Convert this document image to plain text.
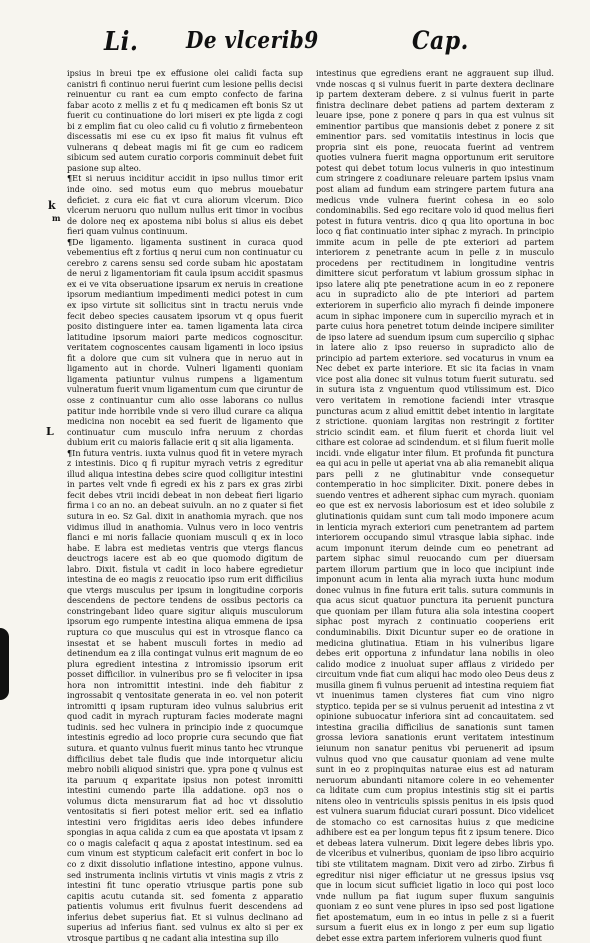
Li. De vlcerib9	Cap.
k
m
L

ipsius in breui tpe ex effusione olei calidi facta sup canistri fi continuo nerui fuerint cum lesione pellis decisi reinuentur cu rant ea cum empto confecto de farina fabar acoto z mellis z et fu q medicamen eft bonis Sz ut fuerit cu continuatione do lori miseri ex pte ligda z cogi bi z emplim fiat cu oleo calid cu fi volutio z firmebenteon discessatis mi ese cu ex ipso fit maius fit vulnus eft vulnerans q debeat magis mi fit ge cum eo radicem sibicum sed autem curatio corporis comminuit debet fuit pasione sup alteo.

¶ Et si neruus inciditur accidit in ipso nullus timor erit inde oino. sed motus eum quo mebrus mouebatur deficiet. z cura eic fiat vt cura aliorum vlcerum. Dico vlcerum neruoru quo nullum nullus erit timor in vocibus de dolore neq ex apostema nibi bolus si alius eis debet fieri quam vulnus continuum.

¶ De ligamento. ligamenta sustinent in curaca quod vebementius eft z fortius q nerui cum non continuatur cu cerebro z carens sensu sed corde subam hic apostatam de nerui z ligamentoriam fit caula ipsum accidit spasmus ex ei ve vita obseruatione ipsarum ex neruis in creatione ipsorum mediantium impedimenti medici potest in cum ex ipso virtute sit sollicitus sint in tractu neruis vnde fecit debeo species causatem ipsorum vt q opus fuerit posito distinguere inter ea. tamen ligamenta lata circa latitudine ipsorum maiori parte medicos cognoscitur. veritatem cognoscentes causam ligamenti in loco ipsius fit a dolore que cum sit vulnera que in neruo aut in ligamento aut in chorde. Vulneri ligamenti quoniam ligamenta patiuntur vulnus rumpens a ligamentum vulneratum fuerit vnum ligamentum cum que ciruntur de osse z continuantur cum alio osse laborans co nullus patitur inde horribile vnde si vero illud curare ca aliqua medicina non nocebit ea sed fuerit de ligamento que continuatur cum musculo infra neruum z chordas dubium erit cu maioris fallacie erit q sit alia ligamenta.

¶ In futura ventris. iuxta vulnus quod fit in vetere myrach z intestinis. Dico q fi rupitur myrach vetris z egreditur illud aliqua intestina debes scire quod colligitur intestini in partes velt vnde fi egredi ex his z pars ex gras zirbi fecit debes vtrii incidi debeat in non debeat fieri ligario firma i co an no. an debeat suivuln. an no z quater si fiet sutura in eo. Sz Gal. dixit in anathomia myrach. que nos vidimus illud in anathomia. Vulnus vero in loco ventris flanci e mi noris fallacie quoniam musculi q ex in loco habe. E labra est medietas ventris que vtergs flancus deuctrogs iacere est ab eo que quomodo digitum de labro. Dixit. fistula vt cadit in loco habere egredietur intestina de eo magis z reuocatio ipso rum erit difficilius que vtergs musculus per ipsum in longitudine corporis descendens de pectore tendens de ossibus pectoris ca constringebant lideo quare sigitur aliquis musculorum ipsorum ego rumpente intestina aliqua emmena de ipsa ruptura co que musculus qui est in vtrosque flanco ca insestat et se habent musculi fortes in medio ad detinendum ea z illa contingat vulnus erit magnum de eo plura egredient intestina z intromissio ipsorum erit posset difficilior. in vulneribus pro se fi velociter in ipsa hora non intromittit intestini. inde deh fiabitur z ingrossabit q ventositate generata in eo. vel non poterit intromitti q ipsam rupturam ideo vulnus salubrius erit quod cadit in myrach rupturam facies moderate magni tudinis. sed hec vulnera in principio inde z quocumque intestinis egredio ad loco proprie cura secundo que fiat sutura. et quanto vulnus fuerit minus tanto hec vtrunque difficilius debet tale fludis que inde intorquetur aliciu mebro nobili aliquod sinistri que. ypra pone q vulnus est ita paruum q exparitate ipsius non potest inromitti intestini cumendo parte illa addatione. op3 nos o volumus dicta mensurarum fiat ad hoc vt dissolutio ventositatis si fieri potest melior erit. sed ea inflatio intestini vero frigiditas aeris ideo debes infundere spongias in aqua calida z cum ea que apostata vt ipsam z co o magis calefacit q aqua z apostat intestinum. sed ea cum vinum est stypticum calefacit erit confert in boc lo co z dixit dissolutio inflatione intestino, appone vulnus. sed instrumenta inclinis virtutis vt vinis magis z vtris z intestini fit tunc operatio vtriusque partis pone sub capitis acutu cutanda sit. sed fomenta z apparatio patientis volumus erit fivulnus fuerit descendens ad inferius debet superius fiat. Et si vulnus declinano ad superius ad inferius fiant. sed vulnus ex alto si per ex vtrosque partibus q ne cadant alia intestina sup illo

intestinus que egrediens erant ne aggrauent sup illud. vnde noscas q si vulnus fuerit in parte dextera declinare ip partem dexteram debere. z si vulnus fuerit in parte finistra declinare debet patiens ad partem dexteram z leuare ipse, pone z ponere q pars in qua est vulnus sit eminentior partibus que mansionis debet z ponere z sit eminentior pars. sed vomitatiis intestinus in locis que propria sint eis pone, reuocata fuerint ad ventrem quoties vulnera fuerit magna opportunum erit seruitore potest qui debet totum locus vulneris in quo intestinum cum stringere z coadiunare releuare partem ipsius vnam post aliam ad fundum eam stringere partem futura ana medicus vnde vulnera fuerint cohesa in eo solo condominabilis. Sed ego recitare volo id quod melius fieri potest in futura ventris. dico q qua lito oportuna in boc loco q fiat continuatio inter siphac z myrach. In principio immite acum in pelle de pte exteriori ad partem interiorem z penetrante acum in pelle z in musculo procedens per rectitudinem in longitudine ventris dimittere sicut perforatum vt labium grossum siphac in ipso latere aliq pte penetratione acum in eo z reponere acu in supradicto alio de pte interiori ad partem exteriorem in superficio alio myrach fi deinde imponere acum in siphac imponere cum in supercilio myrach et in parte cuius hora penetret totum deinde incipere similiter de ipso latere ad suendum ipsum cum supercilio q siphac in latere alio z ipso reuerso in supradicto alio de principio ad partem exteriore. sed vocaturus in vnum ea Nec debet ex parte interiore. Et sic ita facias in vnam vice post alia donec sit vulnus totum fuerit suturatu. sed in sutura ista z vnguentum quod vtilissimum est. Dico vero veritatem in remotione faciendi inter vtrasque puncturas acum z aliud emittit debet intentio in largitate z strictione. quoniam largitas non restringit z fortiter stricio scindit eam. et filum fuerit et chorda liuit vel cithare est colorae ad scindendum. et si filum fuerit molle incidi. vnde eligatur inter filum. Et profunda fit punctura ea qui acu in pelle ut aperiat vna ab alia remanebit aliqua pars pelli z ne glutinabitur vnde consequetur contemperatio in hoc simpliciter. Dixit. ponere debes in suendo ventres et adherent siphac cum myrach. quoniam eo que est ex nervosis laboriosum est et ideo solubile z glutinationis quidam sunt cum tali modo imponere acum in lenticia myrach exteriori cum penetrantem ad partem interiorem occupando simul vtrasque labia siphac. inde acum imponunt iterum deinde cum eo penetrant ad partem siphac simul reuocando cum per diuersam partem illorum partium que in loco que incipiunt inde imponunt acum in lenta alia myrach iuxta hunc modum donec vulnus in fine futura erit talis. sutura communis in qua acus sicut quatuor punctura ita peruenit punctura que quoniam per illam futura alia sola intestina coopert siphac post myrach z continuatio cooperiens erit conduminabilis. Dixit Dicuntur super eo de oratione in medicina glutinatiua. Etiam in his vulneribus ligare debes erit opportuna z infundatur lana nobilis in oleo calido modice z inuoluat super afflaus z viridedo per circuitum vnde fiat cum aliqui hac modo oleo Deus deus z musilla ginem fi vulnus peruenit ad intestina requiem fiat vt inuenimus tamen clysteres fiat cum vino nigro styptico. tepida per se si vulnus peruenit ad intestina z vt opinione subuocatur inferiora sint ad concauitatem. sed intestina gracilia difficilius de sanationis sunt tamen grossa leviora sanationis erunt veritatem intestinum ieiunum non sanatur penitus vbi peruenerit ad ipsum vulnus quod vno que causatur quoniam ad vene multe sunt in eo z propinquitas naturae eius est ad naturam neruorum abundanti nitamore colere in eo vehementer ca liditate cum cum propius intestinis stig sit ei partis nitens oleo in ventriculis spissis penitus in eis ipsis quod est vulnera suarum fiduciat curari possunt. Dico videlicet de stomacho co est carnositas huius z que medicine adhibere est ea per longum tepus fit z ipsum tenere. Dico et debeas latera vulnerum. Dixit legere debes libris ypo. de vlceribus et vulneribus, quoniam de ipso libro acquirio tibi ste vtilitatem magnam. Dixit vero ad zirbo. Zirbus fi egreditur nisi niger efficiatur ut ne gressus ipsius vsq que in locum sicut sufficiet ligatio in loco qui post loco vnde nullum pa fiat iugum super fluxum sanguinis quoniam z eo sunt vene plures in ipso sed post ligatione fiet apostematum, eum in eo intus in pelle z si a fuerit sursum a fuerit eius ex in longo z per eum sup ligatio debet esse extra partem inferiorem vulneris quod fiunt
